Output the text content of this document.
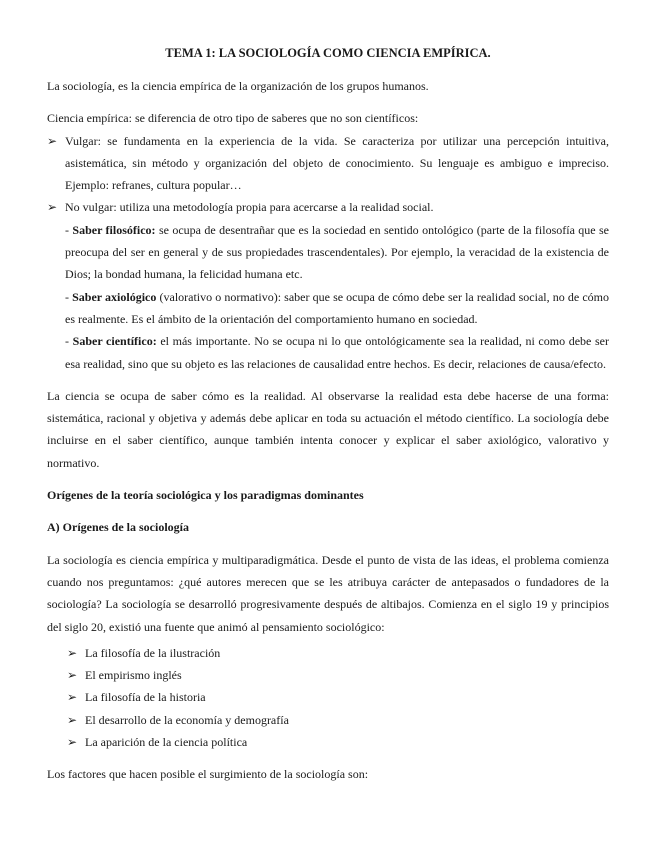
TEMA 1: LA SOCIOLOGÍA COMO CIENCIA EMPÍRICA.

La sociología, es la ciencia empírica de la organización de los grupos humanos.

Ciencia empírica: se diferencia de otro tipo de saberes que no son científicos:

➢ Vulgar: se fundamenta en la experiencia de la vida. Se caracteriza por utilizar una percepción intuitiva, asistemática, sin método y organización del objeto de conocimiento. Su lenguaje es ambiguo e impreciso. Ejemplo: refranes, cultura popular…

➢ No vulgar: utiliza una metodología propia para acercarse a la realidad social.

- Saber filosófico: se ocupa de desentrañar que es la sociedad en sentido ontológico (parte de la filosofía que se preocupa del ser en general y de sus propiedades trascendentales). Por ejemplo, la veracidad de la existencia de Dios; la bondad humana, la felicidad humana etc.

- Saber axiológico (valorativo o normativo): saber que se ocupa de cómo debe ser la realidad social, no de cómo es realmente. Es el ámbito de la orientación del comportamiento humano en sociedad.

- Saber científico: el más importante. No se ocupa ni lo que ontológicamente sea la realidad, ni como debe ser esa realidad, sino que su objeto es las relaciones de causalidad entre hechos. Es decir, relaciones de causa/efecto.

La ciencia se ocupa de saber cómo es la realidad. Al observarse la realidad esta debe hacerse de una forma: sistemática, racional y objetiva y además debe aplicar en toda su actuación el método científico. La sociología debe incluirse en el saber científico, aunque también intenta conocer y explicar el saber axiológico, valorativo y normativo.

Orígenes de la teoría sociológica y los paradigmas dominantes
A) Orígenes de la sociología

La sociología es ciencia empírica y multiparadigmática. Desde el punto de vista de las ideas, el problema comienza cuando nos preguntamos: ¿qué autores merecen que se les atribuya carácter de antepasados o fundadores de la sociología? La sociología se desarrolló progresivamente después de altibajos. Comienza en el siglo 19 y principios del siglo 20, existió una fuente que animó al pensamiento sociológico:

➢ La filosofía de la ilustración
➢ El empirismo inglés
➢ La filosofía de la historia
➢ El desarrollo de la economía y demografía
➢ La aparición de la ciencia política

Los factores que hacen posible el surgimiento de la sociología son:
